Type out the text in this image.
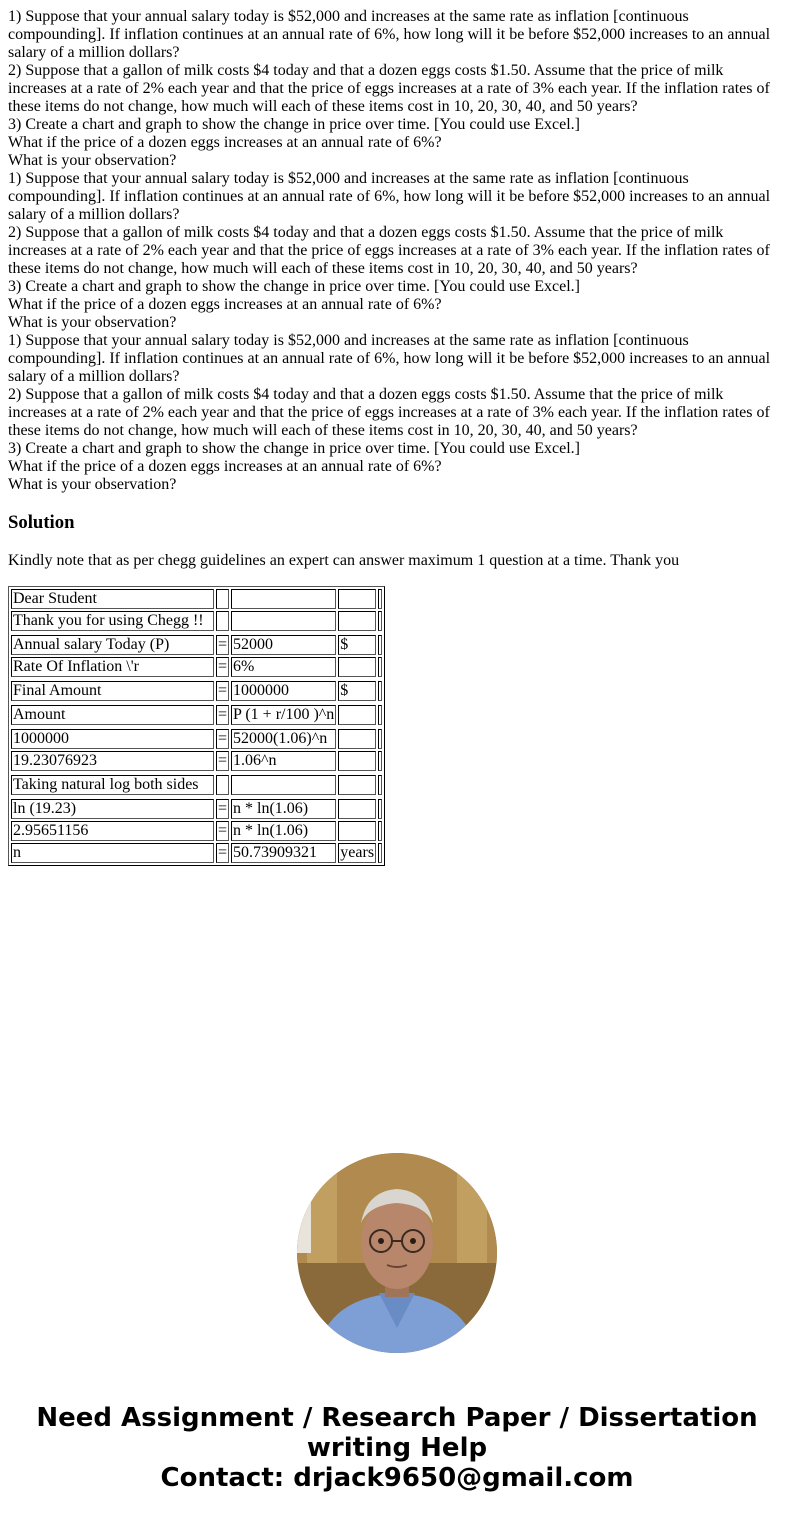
1) Suppose that your annual salary today is $52,000 and increases at the same rate as inflation [continuous compounding]. If inflation continues at an annual rate of 6%, how long will it be before $52,000 increases to an annual salary of a million dollars?

2) Suppose that a gallon of milk costs $4 today and that a dozen eggs costs $1.50. Assume that the price of milk increases at a rate of 2% each year and that the price of eggs increases at a rate of 3% each year. If the inflation rates of these items do not change, how much will each of these items cost in 10, 20, 30, 40, and 50 years?

3) Create a chart and graph to show the change in price over time. [You could use Excel.]

What if the price of a dozen eggs increases at an annual rate of 6%?

What is your observation?

1) Suppose that your annual salary today is $52,000 and increases at the same rate as inflation [continuous compounding]. If inflation continues at an annual rate of 6%, how long will it be before $52,000 increases to an annual salary of a million dollars?

2) Suppose that a gallon of milk costs $4 today and that a dozen eggs costs $1.50. Assume that the price of milk increases at a rate of 2% each year and that the price of eggs increases at a rate of 3% each year. If the inflation rates of these items do not change, how much will each of these items cost in 10, 20, 30, 40, and 50 years?

3) Create a chart and graph to show the change in price over time. [You could use Excel.]

What if the price of a dozen eggs increases at an annual rate of 6%?

What is your observation?

1) Suppose that your annual salary today is $52,000 and increases at the same rate as inflation [continuous compounding]. If inflation continues at an annual rate of 6%, how long will it be before $52,000 increases to an annual salary of a million dollars?

2) Suppose that a gallon of milk costs $4 today and that a dozen eggs costs $1.50. Assume that the price of milk increases at a rate of 2% each year and that the price of eggs increases at a rate of 3% each year. If the inflation rates of these items do not change, how much will each of these items cost in 10, 20, 30, 40, and 50 years?

3) Create a chart and graph to show the change in price over time. [You could use Excel.]

What if the price of a dozen eggs increases at an annual rate of 6%?

What is your observation?

Solution

Kindly note that as per chegg guidelines an expert can answer maximum 1 question at a time. Thank you

Dear Student				
Thank you for using Chegg !!				

Annual salary Today (P)	=	52000	$	
Rate Of Inflation \'r	=	6%		

Final Amount	=	1000000	$	

Amount	=	P (1 + r/100 )^n		

1000000	=	52000(1.06)^n		
19.23076923	=	1.06^n		

Taking natural log both sides				

ln (19.23)	=	n * ln(1.06)		
2.95651156	=	n * ln(1.06)		
n	=	50.73909321	years	
Need Assignment / Research Paper / Dissertation
writing Help
Contact: drjack9650@gmail.com
